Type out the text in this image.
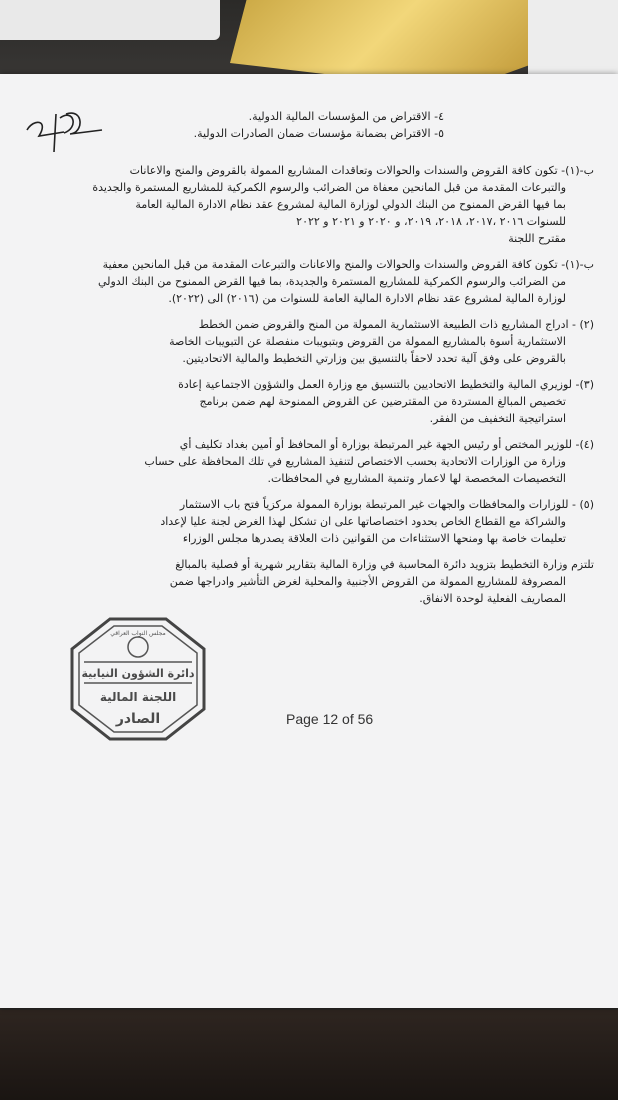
٤- الاقتراض من المؤسسات المالية الدولية.
٥- الاقتراض بضمانة مؤسسات ضمان الصادرات الدولية.
ب-(١)- تكون كافة القروض والسندات والحوالات وتعاقدات المشاريع الممولة بالقروض والمنح والاعانات
والتبرعات المقدمة من قبل المانحين معفاة من الضرائب والرسوم الكمركية للمشاريع المستمرة والجديدة
بما فيها القرض الممنوح من البنك الدولي لوزارة المالية لمشروع عقد نظام الادارة المالية العامة
للسنوات ٢٠١٦ ،٢٠١٧، ٢٠١٨، ٢٠١٩، و ٢٠٢٠ و ٢٠٢١ و ٢٠٢٢
مقترح اللجنة
ب-(١)- تكون كافة القروض والسندات والحوالات والمنح والاعانات والتبرعات المقدمة من قبل المانحين معفية
من الضرائب والرسوم الكمركية للمشاريع المستمرة والجديدة، بما فيها القرض الممنوح من البنك الدولي
لوزارة المالية لمشروع عقد نظام الادارة المالية العامة للسنوات من (٢٠١٦) الى (٢٠٢٢).
(٢) - ادراج المشاريع ذات الطبيعة الاستثمارية الممولة من المنح والقروض ضمن الخطط
الاستثمارية أسوة بالمشاريع الممولة من القروض وبتبويبات منفصلة عن التبويبات الخاصة
بالقروض على وفق آلية تحدد لاحقاً بالتنسيق بين وزارتي التخطيط والمالية الاتحاديتين.
(٣)- لوزيري المالية والتخطيط الاتحاديين بالتنسيق مع وزارة العمل والشؤون الاجتماعية إعادة
تخصيص المبالغ المستردة من المقترضين عن القروض الممنوحة لهم ضمن برنامج
استراتيجية التخفيف من الفقر.
(٤)- للوزير المختص أو رئيس الجهة غير المرتبطة بوزارة أو المحافظ أو أمين بغداد تكليف أي
وزارة من الوزارات الاتحادية بحسب الاختصاص لتنفيذ المشاريع في تلك المحافظة على حساب
التخصيصات المخصصة لها لاعمار وتنمية المشاريع في المحافظات.
(٥) - للوزارات والمحافظات والجهات غير المرتبطة بوزارة الممولة مركزياً فتح باب الاستثمار
والشراكة مع القطاع الخاص بحدود اختصاصاتها على ان تشكل لهذا الغرض لجنة عليا لإعداد
تعليمات خاصة بها ومنحها الاستثناءات من القوانين ذات العلاقة يصدرها مجلس الوزراء
تلتزم وزارة التخطيط بتزويد دائرة المحاسبة في وزارة المالية بتقارير شهرية أو فصلية بالمبالغ
المصروفة للمشاريع الممولة من القروض الأجنبية والمحلية لغرض التأشير وادراجها ضمن
المصاريف الفعلية لوحدة الانفاق.
مجلس النواب العراقي
دائرة الشؤون النيابية
اللجنة المالية
الصادر	Page 12 of 56
